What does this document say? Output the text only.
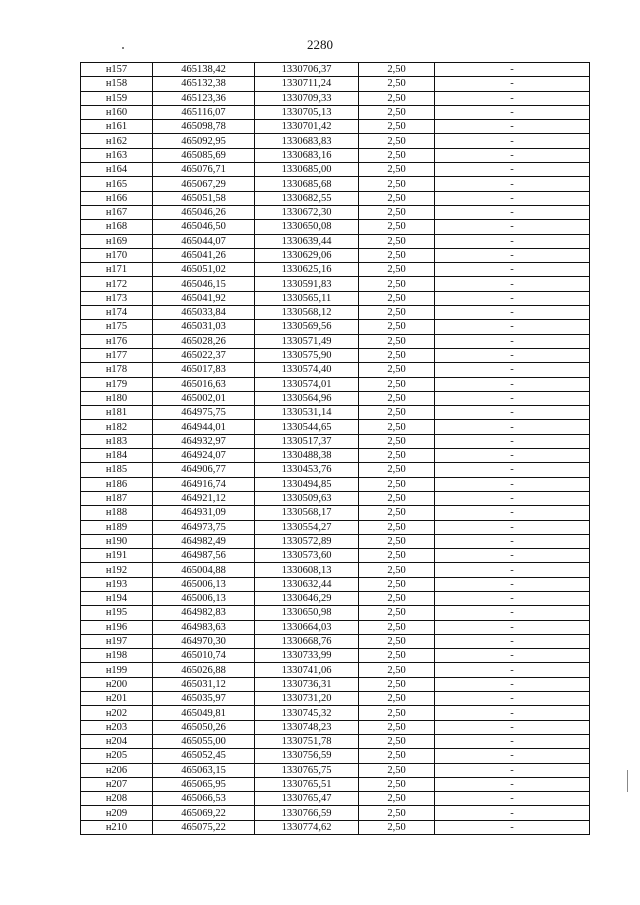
2280
н157	465138,42	1330706,37	2,50	-
н158	465132,38	1330711,24	2,50	-
н159	465123,36	1330709,33	2,50	-
н160	465116,07	1330705,13	2,50	-
н161	465098,78	1330701,42	2,50	-
н162	465092,95	1330683,83	2,50	-
н163	465085,69	1330683,16	2,50	-
н164	465076,71	1330685,00	2,50	-
н165	465067,29	1330685,68	2,50	-
н166	465051,58	1330682,55	2,50	-
н167	465046,26	1330672,30	2,50	-
н168	465046,50	1330650,08	2,50	-
н169	465044,07	1330639,44	2,50	-
н170	465041,26	1330629,06	2,50	-
н171	465051,02	1330625,16	2,50	-
н172	465046,15	1330591,83	2,50	-
н173	465041,92	1330565,11	2,50	-
н174	465033,84	1330568,12	2,50	-
н175	465031,03	1330569,56	2,50	-
н176	465028,26	1330571,49	2,50	-
н177	465022,37	1330575,90	2,50	-
н178	465017,83	1330574,40	2,50	-
н179	465016,63	1330574,01	2,50	-
н180	465002,01	1330564,96	2,50	-
н181	464975,75	1330531,14	2,50	-
н182	464944,01	1330544,65	2,50	-
н183	464932,97	1330517,37	2,50	-
н184	464924,07	1330488,38	2,50	-
н185	464906,77	1330453,76	2,50	-
н186	464916,74	1330494,85	2,50	-
н187	464921,12	1330509,63	2,50	-
н188	464931,09	1330568,17	2,50	-
н189	464973,75	1330554,27	2,50	-
н190	464982,49	1330572,89	2,50	-
н191	464987,56	1330573,60	2,50	-
н192	465004,88	1330608,13	2,50	-
н193	465006,13	1330632,44	2,50	-
н194	465006,13	1330646,29	2,50	-
н195	464982,83	1330650,98	2,50	-
н196	464983,63	1330664,03	2,50	-
н197	464970,30	1330668,76	2,50	-
н198	465010,74	1330733,99	2,50	-
н199	465026,88	1330741,06	2,50	-
н200	465031,12	1330736,31	2,50	-
н201	465035,97	1330731,20	2,50	-
н202	465049,81	1330745,32	2,50	-
н203	465050,26	1330748,23	2,50	-
н204	465055,00	1330751,78	2,50	-
н205	465052,45	1330756,59	2,50	-
н206	465063,15	1330765,75	2,50	-
н207	465065,95	1330765,51	2,50	-
н208	465066,53	1330765,47	2,50	-
н209	465069,22	1330766,59	2,50	-
н210	465075,22	1330774,62	2,50	-
